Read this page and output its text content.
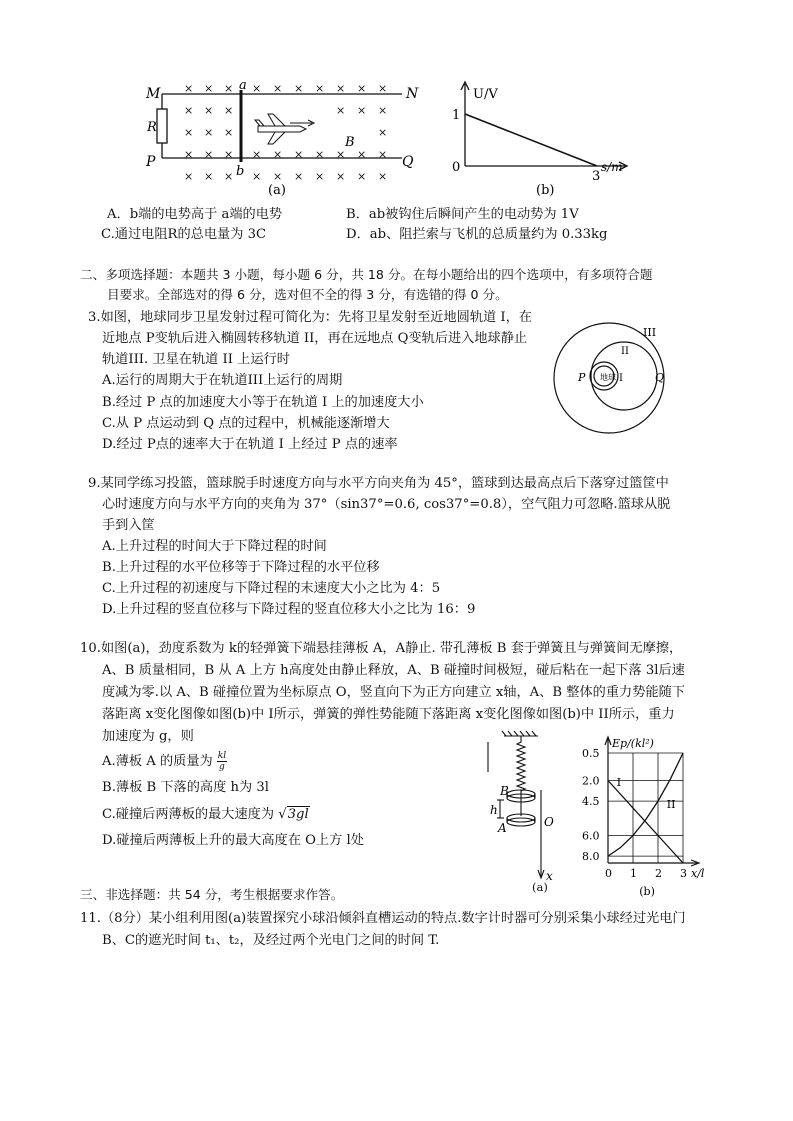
× × × × × × × × × ×
× × ×	× × ×
× × ×	×
× × × × × × × × × ×
× × × × × × × × × ×
M	N
P	Q
R
a
b
B
(a)
U/V
1
0
3
s/m
(b)
A．b端的电势高于 a端的电势	B．ab被钩住后瞬间产生的电动势为 1V
C.通过电阻R的总电量为 3C	D．ab、阻拦索与飞机的总质量约为 0.33kg
二、多项选择题：本题共 3 小题，每小题 6 分，共 18 分。在每小题给出的四个选项中，有多项符合题
目要求。全部选对的得 6 分，选对但不全的得 3 分，有选错的得 0 分。
3.如图，地球同步卫星发射过程可简化为：先将卫星发射至近地圆轨道 I，在
近地点 P变轨后进入椭圆转移轨道 II，再在远地点 Q变轨后进入地球静止
轨道III. 卫星在轨道 II 上运行时
A.运行的周期大于在轨道III上运行的周期
B.经过 P 点的加速度大小等于在轨道 I 上的加速度大小
C.从 P 点运动到 Q 点的过程中，机械能逐渐增大
D.经过 P点的速率大于在轨道 I 上经过 P 点的速率
地球
III
II
I
P	Q
9.某同学练习投篮，篮球脱手时速度方向与水平方向夹角为 45°，篮球到达最高点后下落穿过篮筐中
心时速度方向与水平方向的夹角为 37°（sin37°=0.6, cos37°=0.8），空气阻力可忽略.篮球从脱
手到入筐
A.上升过程的时间大于下降过程的时间
B.上升过程的水平位移等于下降过程的水平位移
C.上升过程的初速度与下降过程的末速度大小之比为 4：5
D.上升过程的竖直位移与下降过程的竖直位移大小之比为 16：9
10.如图(a)，劲度系数为 k的轻弹簧下端悬挂薄板 A，A静止. 带孔薄板 B 套于弹簧且与弹簧间无摩擦，
A、B 质量相同，B 从 A 上方 h高度处由静止释放，A、B 碰撞时间极短，碰后粘在一起下落 3l后速
度减为零.以 A、B 碰撞位置为坐标原点 O，竖直向下为正方向建立 x轴，A、B 整体的重力势能随下
落距离 x变化图像如图(b)中 I所示，弹簧的弹性势能随下落距离 x变化图像如图(b)中 II所示，重力
加速度为 g，则
A.薄板 A 的质量为 $\frac{kl}{g}$
B.薄板 B 下落的高度 h为 3l
C.碰撞后两薄板的最大速度为 √3gl
D.碰撞后两薄板上升的最大高度在 O上方 l处
B
h
A	O
x
(a)
8.0
6.0
4.5
2.0
0.5
0 1 2 3
I
II
Ep/(kl²)
x/l
(b)
三、非选择题：共 54 分，考生根据要求作答。
11.（8分）某小组利用图(a)装置探究小球沿倾斜直槽运动的特点.数字计时器可分别采集小球经过光电门
B、C的遮光时间 t₁、t₂，及经过两个光电门之间的时间 T.
